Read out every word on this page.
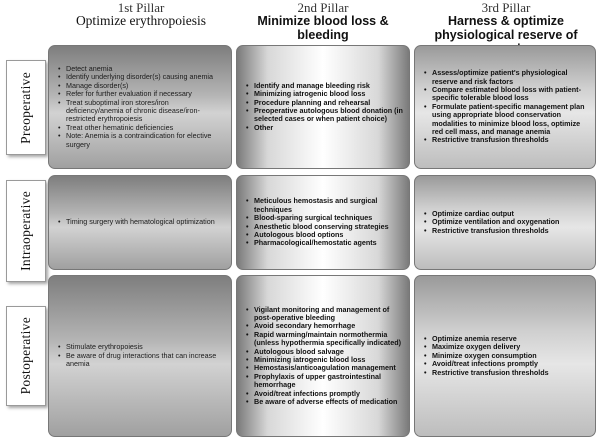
1st Pillar
Optimize erythropoiesis
2nd Pillar
Minimize blood loss & bleeding
3rd Pillar
Harness & optimize physiological reserve of
Preoperative
Intraoperative
Postoperative
• Detect anemia
• Identify underlying disorder(s) causing anemia
• Manage disorder(s)
• Refer for further evaluation if necessary
• Treat suboptimal iron stores/iron deficiency/anemia of chronic disease/iron-restricted erythropoiesis
• Treat other hematinic deficiencies
• Note: Anemia is a contraindication for elective surgery
• Identify and manage bleeding risk
• Minimizing iatrogenic blood loss
• Procedure planning and rehearsal
• Preoperative autologous blood donation (in selected cases or when patient choice)
• Other
• Assess/optimize patient's physiological reserve and risk factors
• Compare estimated blood loss with patient-specific tolerable blood loss
• Formulate patient-specific management plan using appropriate blood conservation modalities to minimize blood loss, optimize red cell mass, and manage anemia
• Restrictive transfusion thresholds
• Timing surgery with hematological optimization
• Meticulous hemostasis and surgical techniques
• Blood-sparing surgical techniques
• Anesthetic blood conserving strategies
• Autologous blood options
• Pharmacological/hemostatic agents
• Optimize cardiac output
• Optimize ventilation and oxygenation
• Restrictive transfusion thresholds
• Stimulate erythropoiesis
• Be aware of drug interactions that can increase anemia
• Vigilant monitoring and management of post-operative bleeding
• Avoid secondary hemorrhage
• Rapid warming/maintain normothermia (unless hypothermia specifically indicated)
• Autologous blood salvage
• Minimizing iatrogenic blood loss
• Hemostasis/anticoagulation management
• Prophylaxis of upper gastrointestinal hemorrhage
• Avoid/treat infections promptly
• Be aware of adverse effects of medication
• Optimize anemia reserve
• Maximize oxygen delivery
• Minimize oxygen consumption
• Avoid/treat infections promptly
• Restrictive transfusion thresholds
